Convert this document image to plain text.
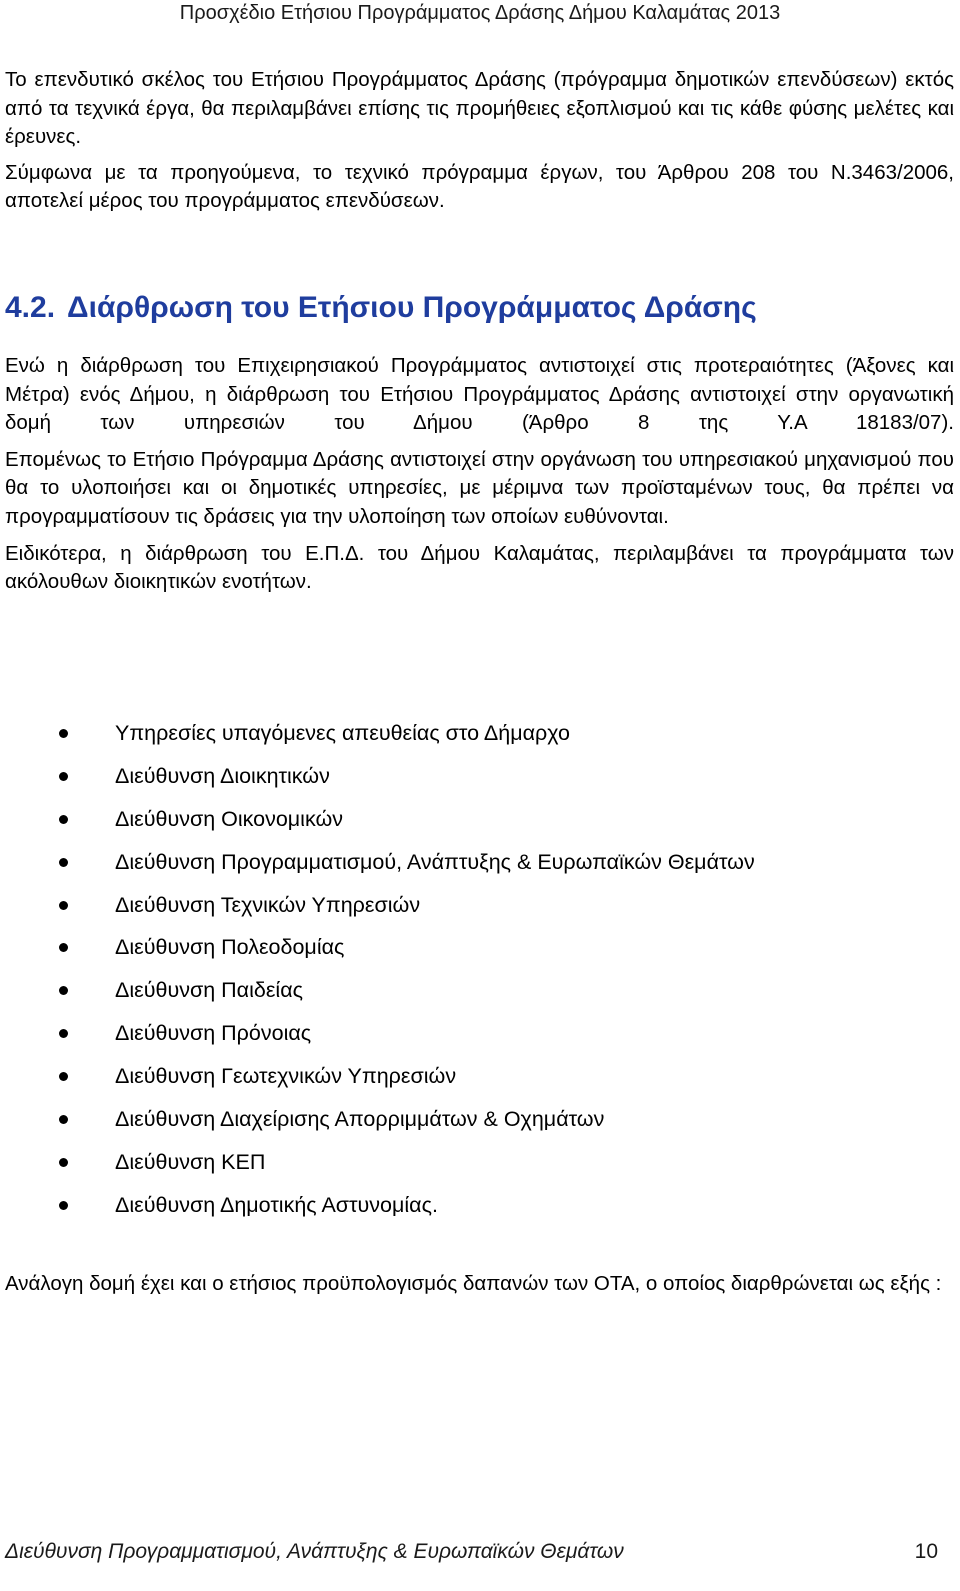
Προσχέδιο Ετήσιου Προγράμματος Δράσης Δήμου Καλαμάτας 2013

Το επενδυτικό σκέλος του Ετήσιου Προγράμματος Δράσης (πρόγραμμα δημοτικών επενδύσεων) εκτός από τα τεχνικά έργα, θα περιλαμβάνει επίσης τις προμήθειες εξοπλισμού και τις κάθε φύσης μελέτες και έρευνες.

Σύμφωνα με τα προηγούμενα, το τεχνικό πρόγραμμα έργων, του Άρθρου 208 του Ν.3463/2006, αποτελεί μέρος του προγράμματος επενδύσεων.

4.2. Διάρθρωση του Ετήσιου Προγράμματος Δράσης

Ενώ η διάρθρωση του Επιχειρησιακού Προγράμματος αντιστοιχεί στις προτεραιότητες (Άξονες και Μέτρα) ενός Δήμου, η διάρθρωση του Ετήσιου Προγράμματος Δράσης αντιστοιχεί στην οργανωτική δομή των υπηρεσιών του Δήμου (Άρθρο 8 της Υ.Α 18183/07).

Επομένως το Ετήσιο Πρόγραμμα Δράσης αντιστοιχεί στην οργάνωση του υπηρεσιακού μηχανισμού που θα το υλοποιήσει και οι δημοτικές υπηρεσίες, με μέριμνα των προϊσταμένων τους, θα πρέπει να προγραμματίσουν τις δράσεις για την υλοποίηση των οποίων ευθύνονται.

Ειδικότερα, η διάρθρωση του Ε.Π.Δ. του Δήμου Καλαμάτας, περιλαμβάνει τα προγράμματα των ακόλουθων διοικητικών ενοτήτων.

Υπηρεσίες υπαγόμενες απευθείας στο Δήμαρχο
Διεύθυνση Διοικητικών
Διεύθυνση Οικονομικών
Διεύθυνση Προγραμματισμού, Ανάπτυξης & Ευρωπαϊκών Θεμάτων
Διεύθυνση Τεχνικών Υπηρεσιών
Διεύθυνση Πολεοδομίας
Διεύθυνση Παιδείας
Διεύθυνση Πρόνοιας
Διεύθυνση Γεωτεχνικών Υπηρεσιών
Διεύθυνση Διαχείρισης Απορριμμάτων & Οχημάτων
Διεύθυνση ΚΕΠ
Διεύθυνση Δημοτικής Αστυνομίας.

Ανάλογη δομή έχει και ο ετήσιος προϋπολογισμός δαπανών των ΟΤΑ, ο οποίος διαρθρώνεται ως εξής :

Διεύθυνση Προγραμματισμού, Ανάπτυξης & Ευρωπαϊκών Θεμάτων	10
